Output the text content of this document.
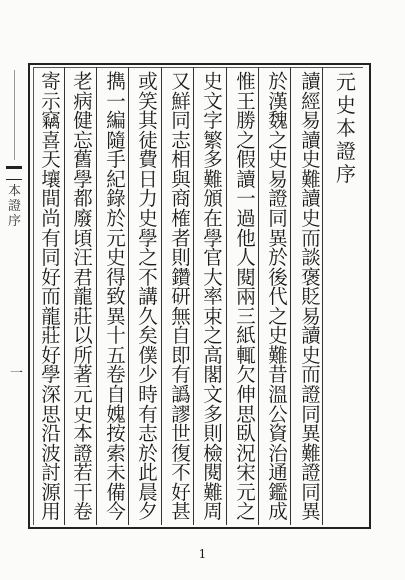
本
證
序
一
元
史
本
證
序
讀
經
易
讀
史
難
讀
史
而
談
褒
貶
易
讀
史
而
證
同
異
難
證
同
異
於
漢
魏
之
史
易
證
同
異
於
後
代
之
史
難
昔
溫
公
資
治
通
鑑
成
惟
王
勝
之
假
讀
一
過
他
人
閱
兩
三
紙
輒
欠
伸
思
臥
況
宋
元
之
史
文
字
繁
多
難
頒
在
學
官
大
率
束
之
高
閣
文
多
則
檢
閱
難
周
又
鮮
同
志
相
與
商
榷
者
則
鑽
研
無
自
即
有
譌
謬
世
復
不
好
甚
或
笑
其
徒
費
日
力
史
學
之
不
講
久
矣
僕
少
時
有
志
於
此
晨
夕
擕
一
編
隨
手
紀
錄
於
元
史
得
致
異
十
五
卷
自
媿
按
索
未
備
今
老
病
健
忘
舊
學
都
廢
頃
汪
君
龍
莊
以
所
著
元
史
本
證
若
干
卷
寄
示
竊
喜
天
壤
間
尚
有
同
好
而
龍
莊
好
學
深
思
沿
波
討
源
用
1
